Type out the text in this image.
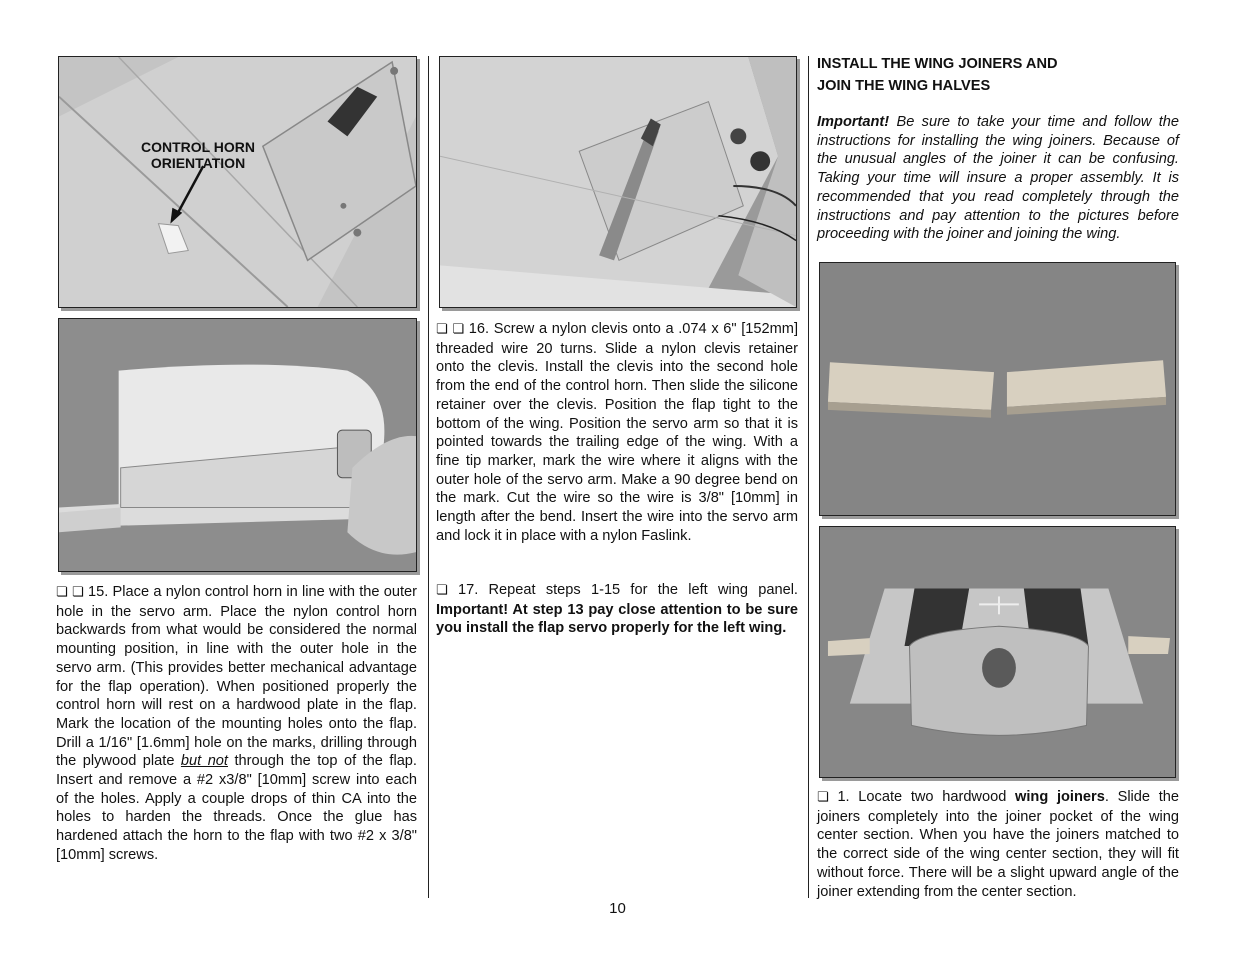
CONTROL HORN
ORIENTATION

❏ ❏ 15. Place a nylon control horn in line with the outer hole in the servo arm. Place the nylon control horn backwards from what would be considered the normal mounting position, in line with the outer hole in the servo arm. (This provides better mechanical advantage for the flap operation). When positioned properly the control horn will rest on a hardwood plate in the flap. Mark the location of the mounting holes onto the flap. Drill a 1/16" [1.6mm] hole on the marks, drilling through the plywood plate but not through the top of the flap. Insert and remove a #2 x3/8" [10mm] screw into each of the holes. Apply a couple drops of thin CA into the holes to harden the threads. Once the glue has hardened attach the horn to the flap with two #2 x 3/8" [10mm] screws.

❏ ❏ 16. Screw a nylon clevis onto a .074 x 6" [152mm] threaded wire 20 turns. Slide a nylon clevis retainer onto the clevis. Install the clevis into the second hole from the end of the control horn. Then slide the silicone retainer over the clevis. Position the flap tight to the bottom of the wing. Position the servo arm so that it is pointed towards the trailing edge of the wing. With a fine tip marker, mark the wire where it aligns with the outer hole of the servo arm. Make a 90 degree bend on the mark. Cut the wire so the wire is 3/8" [10mm] in length after the bend. Insert the wire into the servo arm and lock it in place with a nylon Faslink.

❏ 17. Repeat steps 1-15 for the left wing panel. Important! At step 13 pay close attention to be sure you install the flap servo properly for the left wing.

INSTALL THE WING JOINERS AND
JOIN THE WING HALVES

Important! Be sure to take your time and follow the instructions for installing the wing joiners. Because of the unusual angles of the joiner it can be confusing. Taking your time will insure a proper assembly. It is recommended that you read completely through the instructions and pay attention to the pictures before proceeding with the joiner and joining the wing.

❏ 1. Locate two hardwood wing joiners. Slide the joiners completely into the joiner pocket of the wing center section. When you have the joiners matched to the correct side of the wing center section, they will fit without force. There will be a slight upward angle of the joiner extending from the center section.

10
